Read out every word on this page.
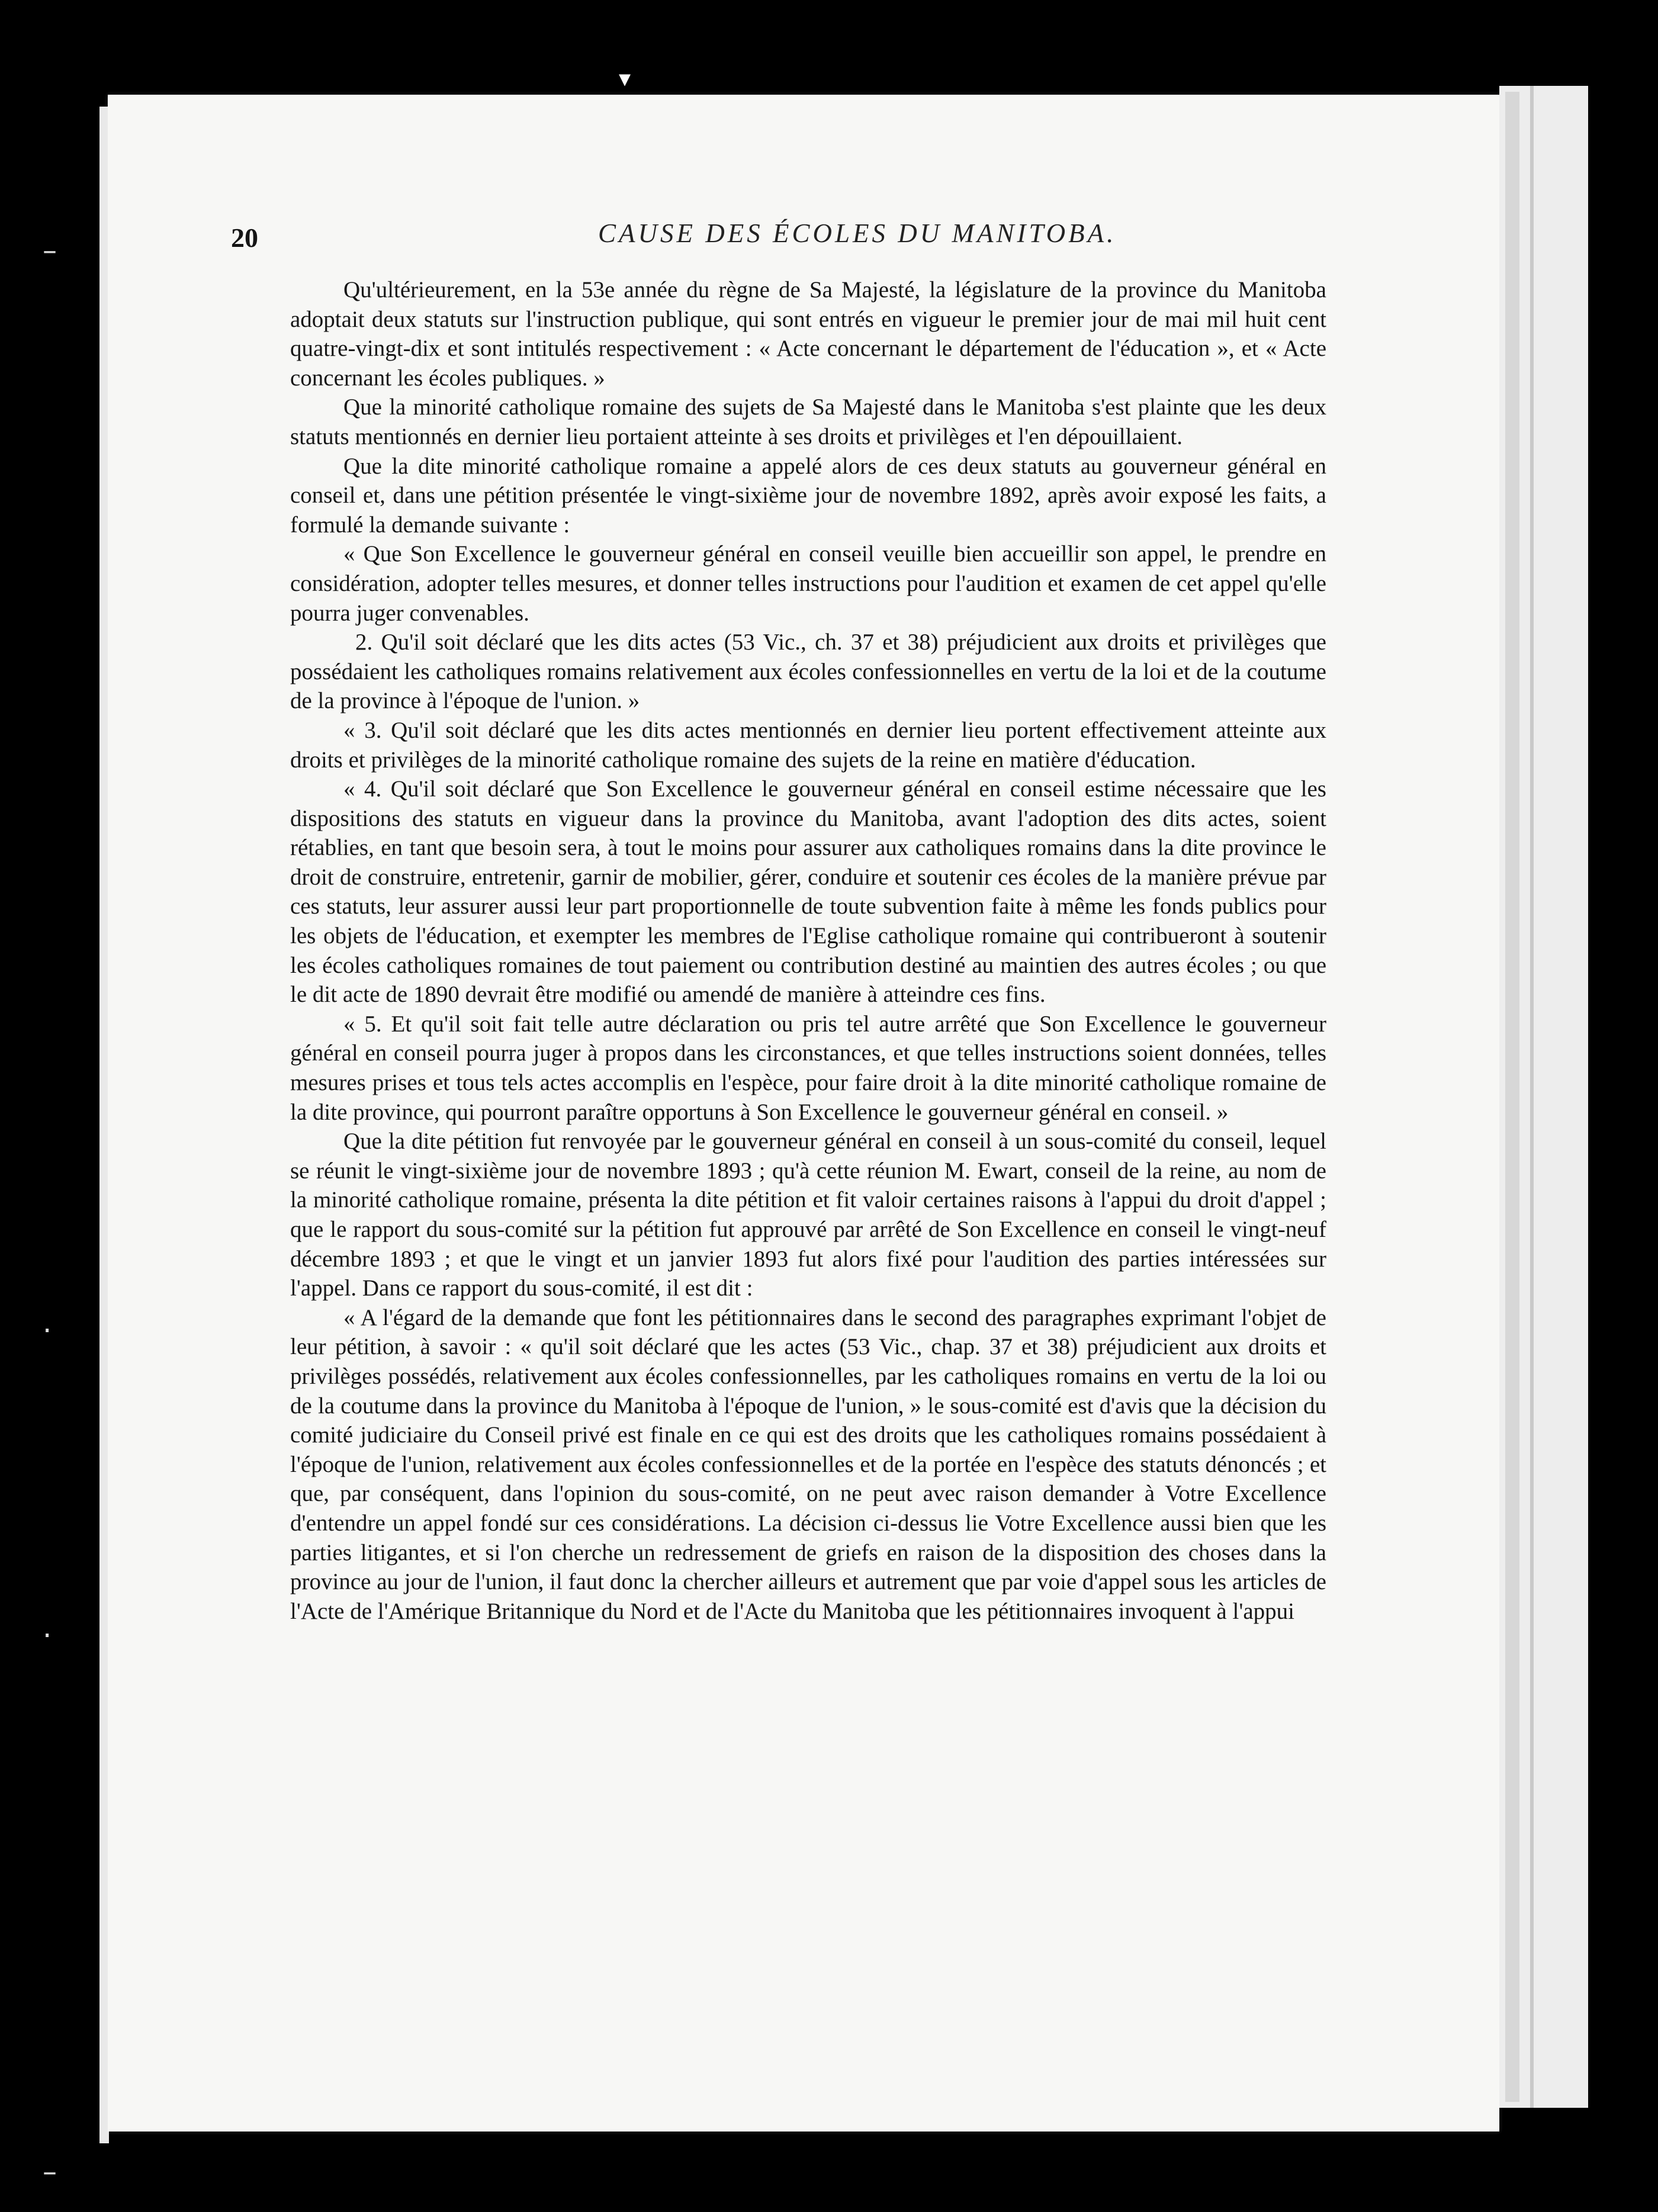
20	CAUSE DES ÉCOLES DU MANITOBA.

Qu'ultérieurement, en la 53e année du règne de Sa Majesté, la législature de la province du Manitoba adoptait deux statuts sur l'instruction publique, qui sont entrés en vigueur le premier jour de mai mil huit cent quatre-vingt-dix et sont intitulés respectivement : « Acte concernant le département de l'éducation », et « Acte concernant les écoles publiques. »

Que la minorité catholique romaine des sujets de Sa Majesté dans le Manitoba s'est plainte que les deux statuts mentionnés en dernier lieu portaient atteinte à ses droits et privilèges et l'en dépouillaient.

Que la dite minorité catholique romaine a appelé alors de ces deux statuts au gouverneur général en conseil et, dans une pétition présentée le vingt-sixième jour de novembre 1892, après avoir exposé les faits, a formulé la demande suivante :

« Que Son Excellence le gouverneur général en conseil veuille bien accueillir son appel, le prendre en considération, adopter telles mesures, et donner telles instructions pour l'audition et examen de cet appel qu'elle pourra juger convenables.

2. Qu'il soit déclaré que les dits actes (53 Vic., ch. 37 et 38) préjudicient aux droits et privilèges que possédaient les catholiques romains relativement aux écoles confessionnelles en vertu de la loi et de la coutume de la province à l'époque de l'union. »

« 3. Qu'il soit déclaré que les dits actes mentionnés en dernier lieu portent effectivement atteinte aux droits et privilèges de la minorité catholique romaine des sujets de la reine en matière d'éducation.

« 4. Qu'il soit déclaré que Son Excellence le gouverneur général en conseil estime nécessaire que les dispositions des statuts en vigueur dans la province du Manitoba, avant l'adoption des dits actes, soient rétablies, en tant que besoin sera, à tout le moins pour assurer aux catholiques romains dans la dite province le droit de construire, entretenir, garnir de mobilier, gérer, conduire et soutenir ces écoles de la manière prévue par ces statuts, leur assurer aussi leur part proportionnelle de toute subvention faite à même les fonds publics pour les objets de l'éducation, et exempter les membres de l'Eglise catholique romaine qui contribueront à soutenir les écoles catholiques romaines de tout paiement ou contribution destiné au maintien des autres écoles ; ou que le dit acte de 1890 devrait être modifié ou amendé de manière à atteindre ces fins.

« 5. Et qu'il soit fait telle autre déclaration ou pris tel autre arrêté que Son Excellence le gouverneur général en conseil pourra juger à propos dans les circonstances, et que telles instructions soient données, telles mesures prises et tous tels actes accomplis en l'espèce, pour faire droit à la dite minorité catholique romaine de la dite province, qui pourront paraître opportuns à Son Excellence le gouverneur général en conseil. »

Que la dite pétition fut renvoyée par le gouverneur général en conseil à un sous-comité du conseil, lequel se réunit le vingt-sixième jour de novembre 1893 ; qu'à cette réunion M. Ewart, conseil de la reine, au nom de la minorité catholique romaine, présenta la dite pétition et fit valoir certaines raisons à l'appui du droit d'appel ; que le rapport du sous-comité sur la pétition fut approuvé par arrêté de Son Excellence en conseil le vingt-neuf décembre 1893 ; et que le vingt et un janvier 1893 fut alors fixé pour l'audition des parties intéressées sur l'appel. Dans ce rapport du sous-comité, il est dit :

« A l'égard de la demande que font les pétitionnaires dans le second des paragraphes exprimant l'objet de leur pétition, à savoir : « qu'il soit déclaré que les actes (53 Vic., chap. 37 et 38) préjudicient aux droits et privilèges possédés, relativement aux écoles confessionnelles, par les catholiques romains en vertu de la loi ou de la coutume dans la province du Manitoba à l'époque de l'union, » le sous-comité est d'avis que la décision du comité judiciaire du Conseil privé est finale en ce qui est des droits que les catholiques romains possédaient à l'époque de l'union, relativement aux écoles confessionnelles et de la portée en l'espèce des statuts dénoncés ; et que, par conséquent, dans l'opinion du sous-comité, on ne peut avec raison demander à Votre Excellence d'entendre un appel fondé sur ces considérations. La décision ci-dessus lie Votre Excellence aussi bien que les parties litigantes, et si l'on cherche un redressement de griefs en raison de la disposition des choses dans la province au jour de l'union, il faut donc la chercher ailleurs et autrement que par voie d'appel sous les articles de l'Acte de l'Amérique Britannique du Nord et de l'Acte du Manitoba que les pétitionnaires invoquent à l'appui

–
·
·
–
▾
